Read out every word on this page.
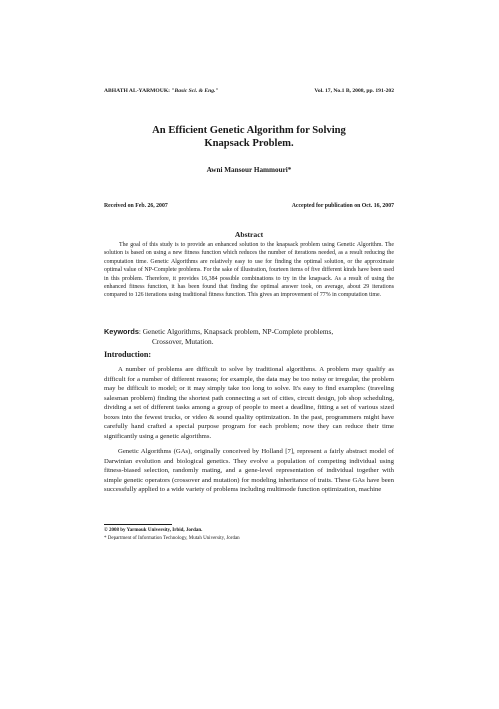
ABHATH AL-YARMOUK: "Basic Sci. & Eng."	Vol. 17, No.1 B, 2008, pp. 191-202
An Efficient Genetic Algorithm for Solving
Knapsack Problem.
Awni Mansour Hammouri*
Received on Feb. 26, 2007	Accepted for publication on Oct. 16, 2007
Abstract

The goal of this study is to provide an enhanced solution to the knapsack problem using Genetic Algorithm. The solution is based on using a new fitness function which reduces the number of iterations needed, as a result reducing the computation time. Genetic Algorithms are relatively easy to use for finding the optimal solution, or the approximate optimal value of NP-Complete problems. For the sake of illustration, fourteen items of five different kinds have been used in this problem. Therefore, it provides 16,384 possible combinations to try in the knapsack. As a result of using the enhanced fitness function, it has been found that finding the optimal answer took, on average, about 29 iterations compared to 126 iterations using traditional fitness function. This gives an improvement of 77% in computation time.

Keywords: Genetic Algorithms, Knapsack problem, NP-Complete problems,
Crossover, Mutation.

Introduction:

A number of problems are difficult to solve by traditional algorithms. A problem may qualify as difficult for a number of different reasons; for example, the data may be too noisy or irregular, the problem may be difficult to model; or it may simply take too long to solve. It's easy to find examples: (traveling salesman problem) finding the shortest path connecting a set of cities, circuit design, job shop scheduling, dividing a set of different tasks among a group of people to meet a deadline, fitting a set of various sized boxes into the fewest trucks, or video & sound quality optimization. In the past, programmers might have carefully hand crafted a special purpose program for each problem; now they can reduce their time significantly using a genetic algorithms.

Genetic Algorithms (GAs), originally conceived by Holland [7], represent a fairly abstract model of Darwinian evolution and biological genetics. They evolve a population of competing individual using fitness-biased selection, randomly mating, and a gene-level representation of individual together with simple genetic operators (crossover and mutation) for modeling inheritance of traits. These GAs have been successfully applied to a wide variety of problems including multimode function optimization, machine

© 2008 by Yarmouk University, Irbid, Jordan.
* Department of Information Technology, Mutah University, Jordan
